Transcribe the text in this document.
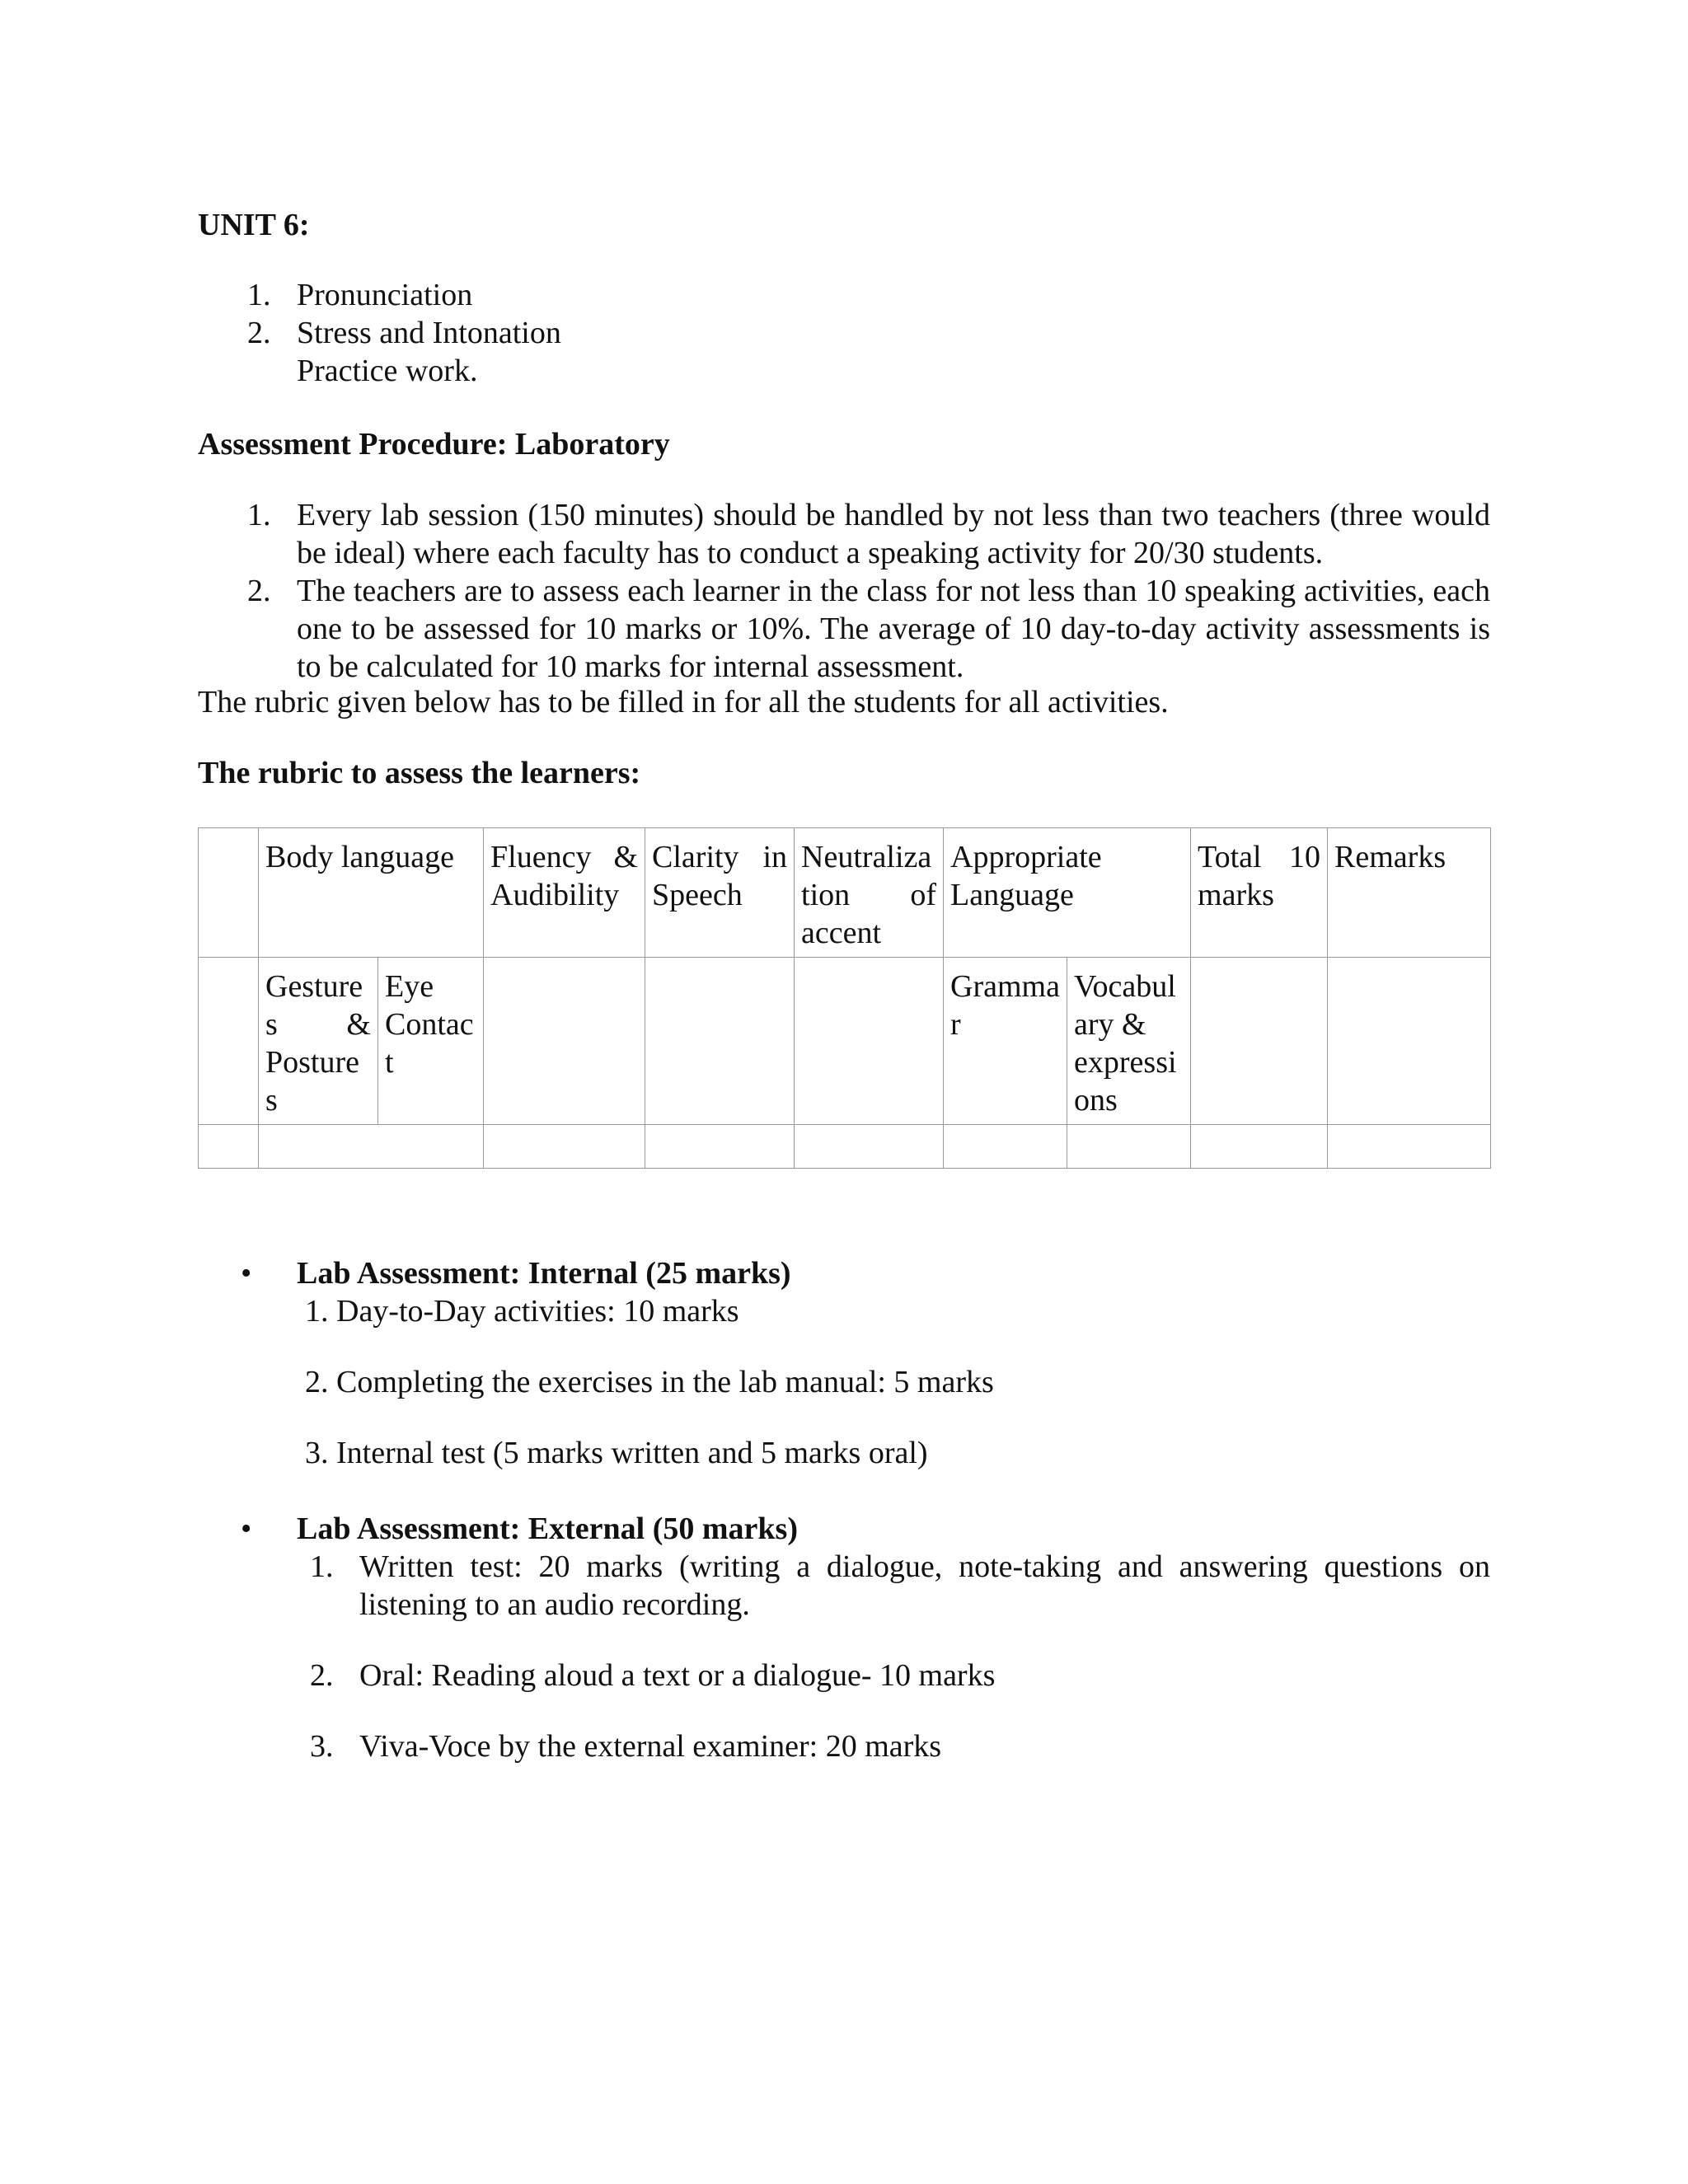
UNIT 6:
1. Pronunciation
2. Stress and Intonation
Practice work.
Assessment Procedure: Laboratory
1. Every lab session (150 minutes) should be handled by not less than two teachers (three would be ideal) where each faculty has to conduct a speaking activity for 20/30 students.
2. The teachers are to assess each learner in the class for not less than 10 speaking activities, each one to be assessed for 10 marks or 10%. The average of 10 day-to-day activity assessments is to be calculated for 10 marks for internal assessment.
The rubric given below has to be filled in for all the students for all activities.
The rubric to assess the learners:
	Body language		Fluency & Audibility	Clarity in Speech	Neutralization of accent	Appropriate Language		Total 10 marks	Remarks
	Gestures & Postures	Eye Contact				Grammar	Vocabulary & expressions		

• Lab Assessment: Internal (25 marks)
1. Day-to-Day activities: 10 marks
2. Completing the exercises in the lab manual: 5 marks
3. Internal test (5 marks written and 5 marks oral)
• Lab Assessment: External (50 marks)
1. Written test: 20 marks (writing a dialogue, note-taking and answering questions on listening to an audio recording.
2. Oral: Reading aloud a text or a dialogue- 10 marks
3. Viva-Voce by the external examiner: 20 marks
